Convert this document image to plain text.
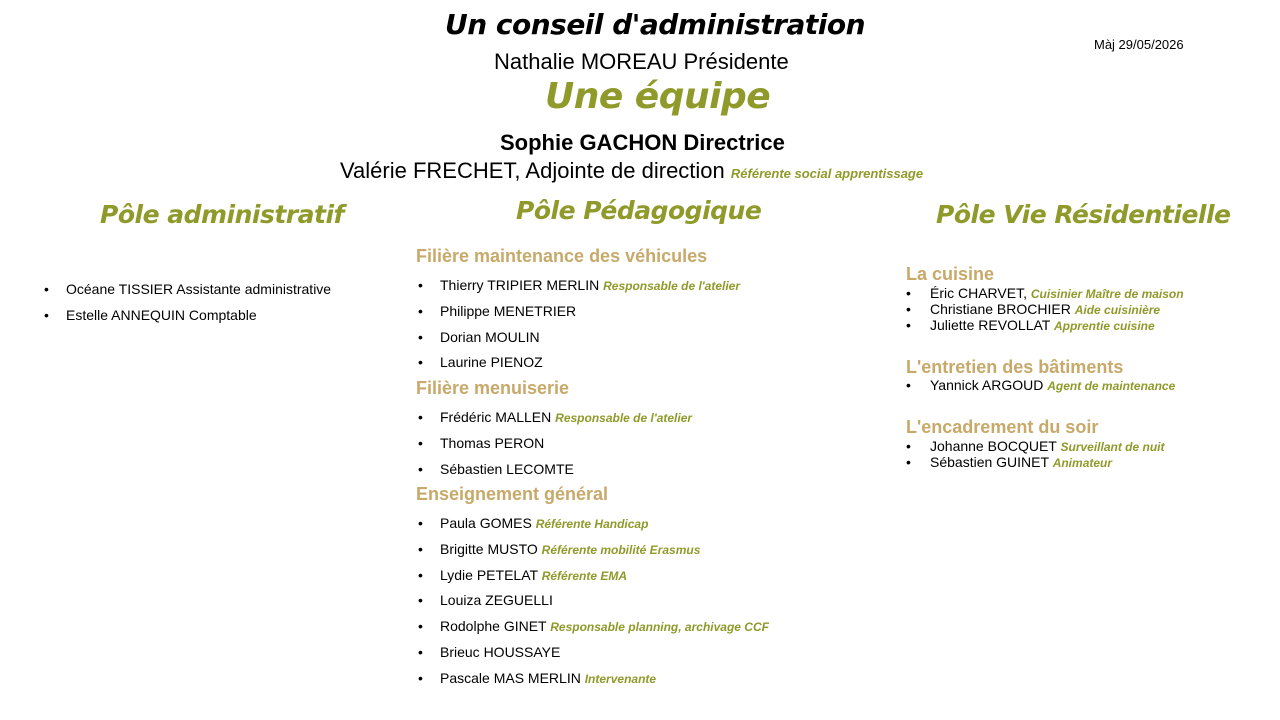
Un conseil d'administration
Nathalie MOREAU Présidente
Màj 29/05/2026
Une équipe
Sophie GACHON Directrice
Valérie FRECHET, Adjointe de direction Référente social apprentissage
Pôle administratif
• Océane TISSIER Assistante administrative
• Estelle ANNEQUIN Comptable
Pôle Pédagogique
Filière maintenance des véhicules
• Thierry TRIPIER MERLIN Responsable de l'atelier
• Philippe MENETRIER
• Dorian MOULIN
• Laurine PIENOZ
Filière menuiserie
• Frédéric MALLEN Responsable de l'atelier
• Thomas PERON
• Sébastien LECOMTE
Enseignement général
• Paula GOMES Référente Handicap
• Brigitte MUSTO Référente mobilité Erasmus
• Lydie PETELAT Référente EMA
• Louiza ZEGUELLI
• Rodolphe GINET Responsable planning, archivage CCF
• Brieuc HOUSSAYE
• Pascale MAS MERLIN Intervenante
Pôle Vie Résidentielle
La cuisine
• Éric CHARVET, Cuisinier Maître de maison
• Christiane BROCHIER Aide cuisinière
• Juliette REVOLLAT Apprentie cuisine
L'entretien des bâtiments
• Yannick ARGOUD Agent de maintenance
L'encadrement du soir
• Johanne BOCQUET Surveillant de nuit
• Sébastien GUINET Animateur
